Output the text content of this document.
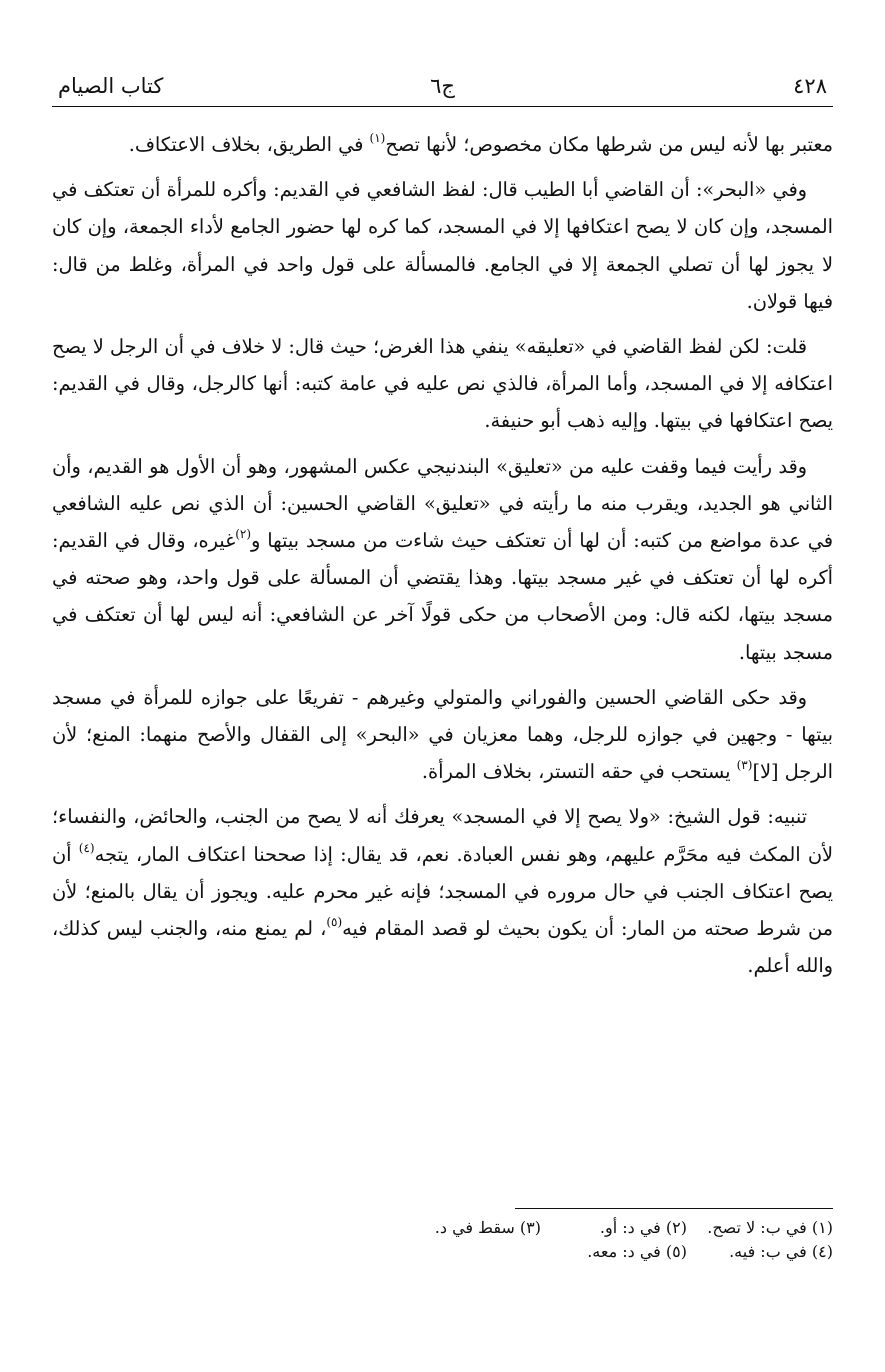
٤٢٨
ج٦
كتاب الصيام

معتبر بها لأنه ليس من شرطها مكان مخصوص؛ لأنها تصح$^{(١)}$ في الطريق، بخلاف الاعتكاف.

وفي «البحر»: أن القاضي أبا الطيب قال: لفظ الشافعي في القديم: وأكره للمرأة أن تعتكف في المسجد، وإن كان لا يصح اعتكافها إلا في المسجد، كما كره لها حضور الجامع لأداء الجمعة، وإن كان لا يجوز لها أن تصلي الجمعة إلا في الجامع. فالمسألة على قول واحد في المرأة، وغلط من قال: فيها قولان.

قلت: لكن لفظ القاضي في «تعليقه» ينفي هذا الغرض؛ حيث قال: لا خلاف في أن الرجل لا يصح اعتكافه إلا في المسجد، وأما المرأة، فالذي نص عليه في عامة كتبه: أنها كالرجل، وقال في القديم: يصح اعتكافها في بيتها. وإليه ذهب أبو حنيفة.

وقد رأيت فيما وقفت عليه من «تعليق» البندنيجي عكس المشهور، وهو أن الأول هو القديم، وأن الثاني هو الجديد، ويقرب منه ما رأيته في «تعليق» القاضي الحسين: أن الذي نص عليه الشافعي في عدة مواضع من كتبه: أن لها أن تعتكف حيث شاءت من مسجد بيتها و$^{(٢)}$غيره، وقال في القديم: أكره لها أن تعتكف في غير مسجد بيتها. وهذا يقتضي أن المسألة على قول واحد، وهو صحته في مسجد بيتها، لكنه قال: ومن الأصحاب من حكى قولًا آخر عن الشافعي: أنه ليس لها أن تعتكف في مسجد بيتها.

وقد حكى القاضي الحسين والفوراني والمتولي وغيرهم - تفريعًا على جوازه للمرأة في مسجد بيتها - وجهين في جوازه للرجل، وهما معزيان في «البحر» إلى القفال والأصح منهما: المنع؛ لأن الرجل [لا]$^{(٣)}$ يستحب في حقه التستر، بخلاف المرأة.

تنبيه: قول الشيخ: «ولا يصح إلا في المسجد» يعرفك أنه لا يصح من الجنب، والحائض، والنفساء؛ لأن المكث فيه محَرَّم عليهم، وهو نفس العبادة. نعم، قد يقال: إذا صححنا اعتكاف المار، يتجه$^{(٤)}$ أن يصح اعتكاف الجنب في حال مروره في المسجد؛ فإنه غير محرم عليه. ويجوز أن يقال بالمنع؛ لأن من شرط صحته من المار: أن يكون بحيث لو قصد المقام فيه$^{(٥)}$، لم يمنع منه، والجنب ليس كذلك، والله أعلم.

(١) في ب: لا تصح.
(٢) في د: أو.
(٣) سقط في د.
(٤) في ب: فيه.
(٥) في د: معه.
